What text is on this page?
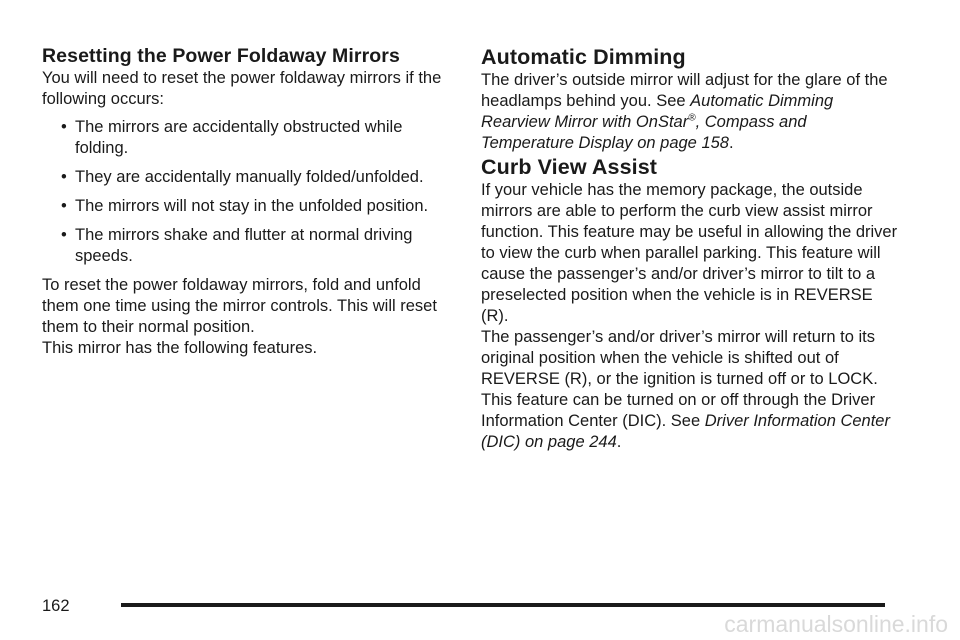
Resetting the Power Foldaway Mirrors

You will need to reset the power foldaway mirrors if the following occurs:

• The mirrors are accidentally obstructed while folding.
• They are accidentally manually folded/unfolded.
• The mirrors will not stay in the unfolded position.
• The mirrors shake and flutter at normal driving speeds.

To reset the power foldaway mirrors, fold and unfold them one time using the mirror controls. This will reset them to their normal position.

This mirror has the following features.

Automatic Dimming

The driver’s outside mirror will adjust for the glare of the headlamps behind you. See Automatic Dimming Rearview Mirror with OnStar®, Compass and Temperature Display on page 158.

Curb View Assist

If your vehicle has the memory package, the outside mirrors are able to perform the curb view assist mirror function. This feature may be useful in allowing the driver to view the curb when parallel parking. This feature will cause the passenger’s and/or driver’s mirror to tilt to a preselected position when the vehicle is in REVERSE (R).

The passenger’s and/or driver’s mirror will return to its original position when the vehicle is shifted out of REVERSE (R), or the ignition is turned off or to LOCK.

This feature can be turned on or off through the Driver Information Center (DIC). See Driver Information Center (DIC) on page 244.

162
carmanualsonline.info
